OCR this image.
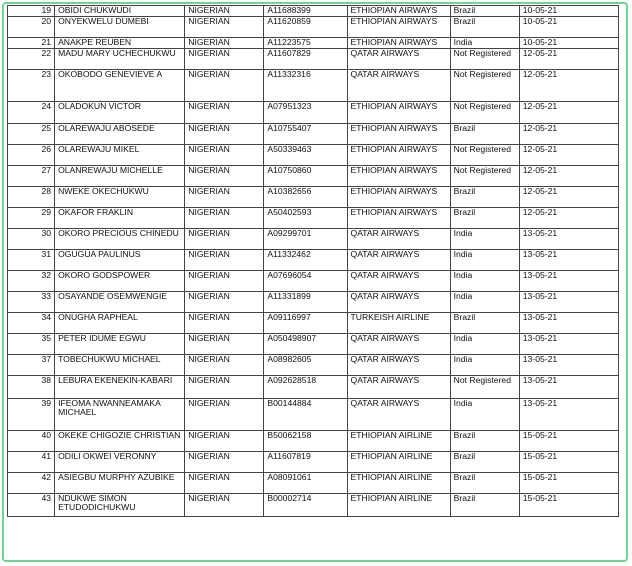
19	OBIDI CHUKWUDI	NIGERIAN	A11688399	ETHIOPIAN AIRWAYS	Brazil	10-05-21
20	ONYEKWELU DUMEBI	NIGERIAN	A11620859	ETHIOPIAN AIRWAYS	Brazil	10-05-21
21	ANAKPE REUBEN	NIGERIAN	A11223575	ETHIOPIAN AIRWAYS	India	10-05-21
22	MADU MARY UCHECHUKWU	NIGERIAN	A11607829	QATAR AIRWAYS	Not Registered	12-05-21
23	OKOBODO GENEVIEVE A	NIGERIAN	A11332316	QATAR AIRWAYS	Not Registered	12-05-21
24	OLADOKUN VICTOR	NIGERIAN	A07951323	ETHIOPIAN AIRWAYS	Not Registered	12-05-21
25	OLAREWAJU ABOSEDE	NIGERIAN	A10755407	ETHIOPIAN AIRWAYS	Brazil	12-05-21
26	OLAREWAJU MIKEL	NIGERIAN	A50339463	ETHIOPIAN AIRWAYS	Not Registered	12-05-21
27	OLANREWAJU MICHELLE	NIGERIAN	A10750860	ETHIOPIAN AIRWAYS	Not Registered	12-05-21
28	NWEKE OKECHUKWU	NIGERIAN	A10382656	ETHIOPIAN AIRWAYS	Brazil	12-05-21
29	OKAFOR FRAKLIN	NIGERIAN	A50402593	ETHIOPIAN AIRWAYS	Brazil	12-05-21
30	OKORO PRECIOUS CHINEDU	NIGERIAN	A09299701	QATAR AIRWAYS	India	13-05-21
31	OGUGUA PAULINUS	NIGERIAN	A11332462	QATAR AIRWAYS	India	13-05-21
32	OKORO GODSPOWER	NIGERIAN	A07696054	QATAR AIRWAYS	India	13-05-21
33	OSAYANDE OSEMWENGIE	NIGERIAN	A11331899	QATAR AIRWAYS	India	13-05-21
34	ONUGHA RAPHEAL	NIGERIAN	A09116997	TURKEISH AIRLINE	Brazil	13-05-21
35	PETER IDUME EGWU	NIGERIAN	A050498907	QATAR AIRWAYS	India	13-05-21
37	TOBECHUKWU MICHAEL	NIGERIAN	A08982605	QATAR AIRWAYS	India	13-05-21
38	LEBURA EKENEKIN-KABARI	NIGERIAN	A092628518	QATAR AIRWAYS	Not Registered	13-05-21
39	IFEOMA NWANNEAMAKA MICHAEL	NIGERIAN	B00144884	QATAR AIRWAYS	India	13-05-21
40	OKEKE CHIGOZIE CHRISTIAN	NIGERIAN	B50062158	ETHIOPIAN AIRLINE	Brazil	15-05-21
41	ODILI OKWEI VERONNY	NIGERIAN	A11607819	ETHIOPIAN AIRLINE	Brazil	15-05-21
42	ASIEGBU MURPHY AZUBIKE	NIGERIAN	A08091061	ETHIOPIAN AIRLINE	Brazil	15-05-21
43	NDUKWE SIMON ETUDODICHUKWU	NIGERIAN	B00002714	ETHIOPIAN AIRLINE	Brazil	15-05-21
